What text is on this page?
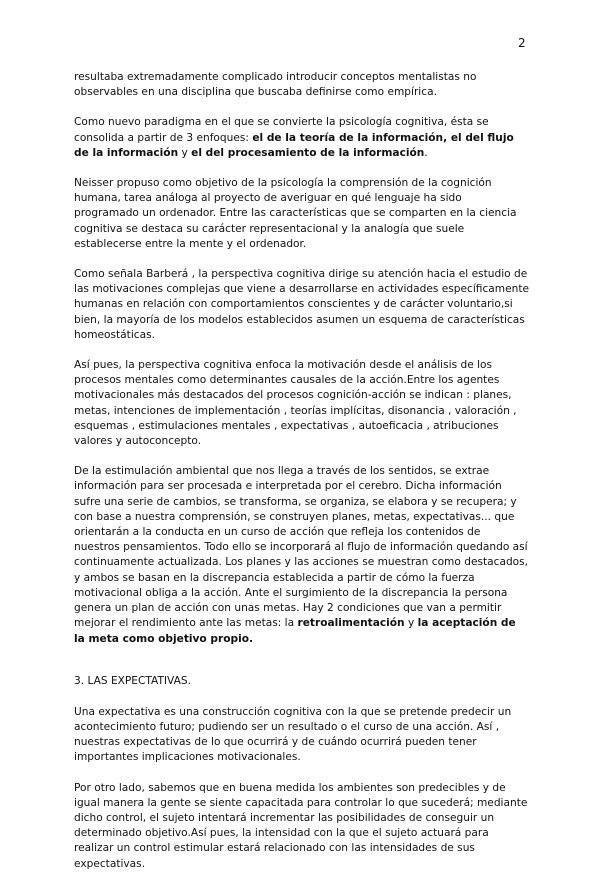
2

resultaba extremadamente complicado introducir conceptos mentalistas no observables en una disciplina que buscaba definirse como empírica.

Como nuevo paradigma en el que se convierte la psicología cognitiva, ésta se consolida a partir de 3 enfoques: el de la teoría de la información, el del flujo de la información y el del procesamiento de la información.

Neisser propuso como objetivo de la psicología la comprensión de la cognición humana, tarea análoga al proyecto de averiguar en qué lenguaje ha sido programado un ordenador. Entre las características que se comparten en la ciencia cognitiva se destaca su carácter representacional y la analogía que suele establecerse entre la mente y el ordenador.

Como señala Barberá , la perspectiva cognitiva dirige su atención hacia el estudio de las motivaciones complejas que viene a desarrollarse en actividades específicamente humanas en relación con comportamientos conscientes y de carácter voluntario,si bien, la mayoría de los modelos establecidos asumen un esquema de características homeostáticas.

Así pues, la perspectiva cognitiva enfoca la motivación desde el análisis de los procesos mentales como determinantes causales de la acción.Entre los agentes motivacionales más destacados del procesos cognición-acción se indican : planes, metas, intenciones de implementación , teorías implícitas, disonancia , valoración , esquemas , estimulaciones mentales , expectativas , autoeficacia , atribuciones valores y autoconcepto.

De la estimulación ambiental que nos llega a través de los sentidos, se extrae información para ser procesada e interpretada por el cerebro. Dicha información sufre una serie de cambios, se transforma, se organiza, se elabora y se recupera; y con base a nuestra comprensión, se construyen planes, metas, expectativas... que orientarán a la conducta en un curso de acción que refleja los contenidos de nuestros pensamientos. Todo ello se incorporará al flujo de información quedando así continuamente actualizada. Los planes y las acciones se muestran como destacados, y ambos se basan en la discrepancia establecida a partir de cómo la fuerza motivacional obliga a la acción. Ante el surgimiento de la discrepancia la persona genera un plan de acción con unas metas. Hay 2 condiciones que van a permitir mejorar el rendimiento ante las metas: la retroalimentación y la aceptación de la meta como objetivo propio.

3. LAS EXPECTATIVAS.

Una expectativa es una construcción cognitiva con la que se pretende predecir un acontecimiento futuro; pudiendo ser un resultado o el curso de una acción. Así , nuestras expectativas de lo que ocurrirá y de cuándo ocurrirá pueden tener importantes implicaciones motivacionales.

Por otro lado, sabemos que en buena medida los ambientes son predecibles y de igual manera la gente se siente capacitada para controlar lo que sucederá; mediante dicho control, el sujeto intentará incrementar las posibilidades de conseguir un determinado objetivo.Así pues, la intensidad con la que el sujeto actuará para realizar un control estimular estará relacionado con las intensidades de sus expectativas.
